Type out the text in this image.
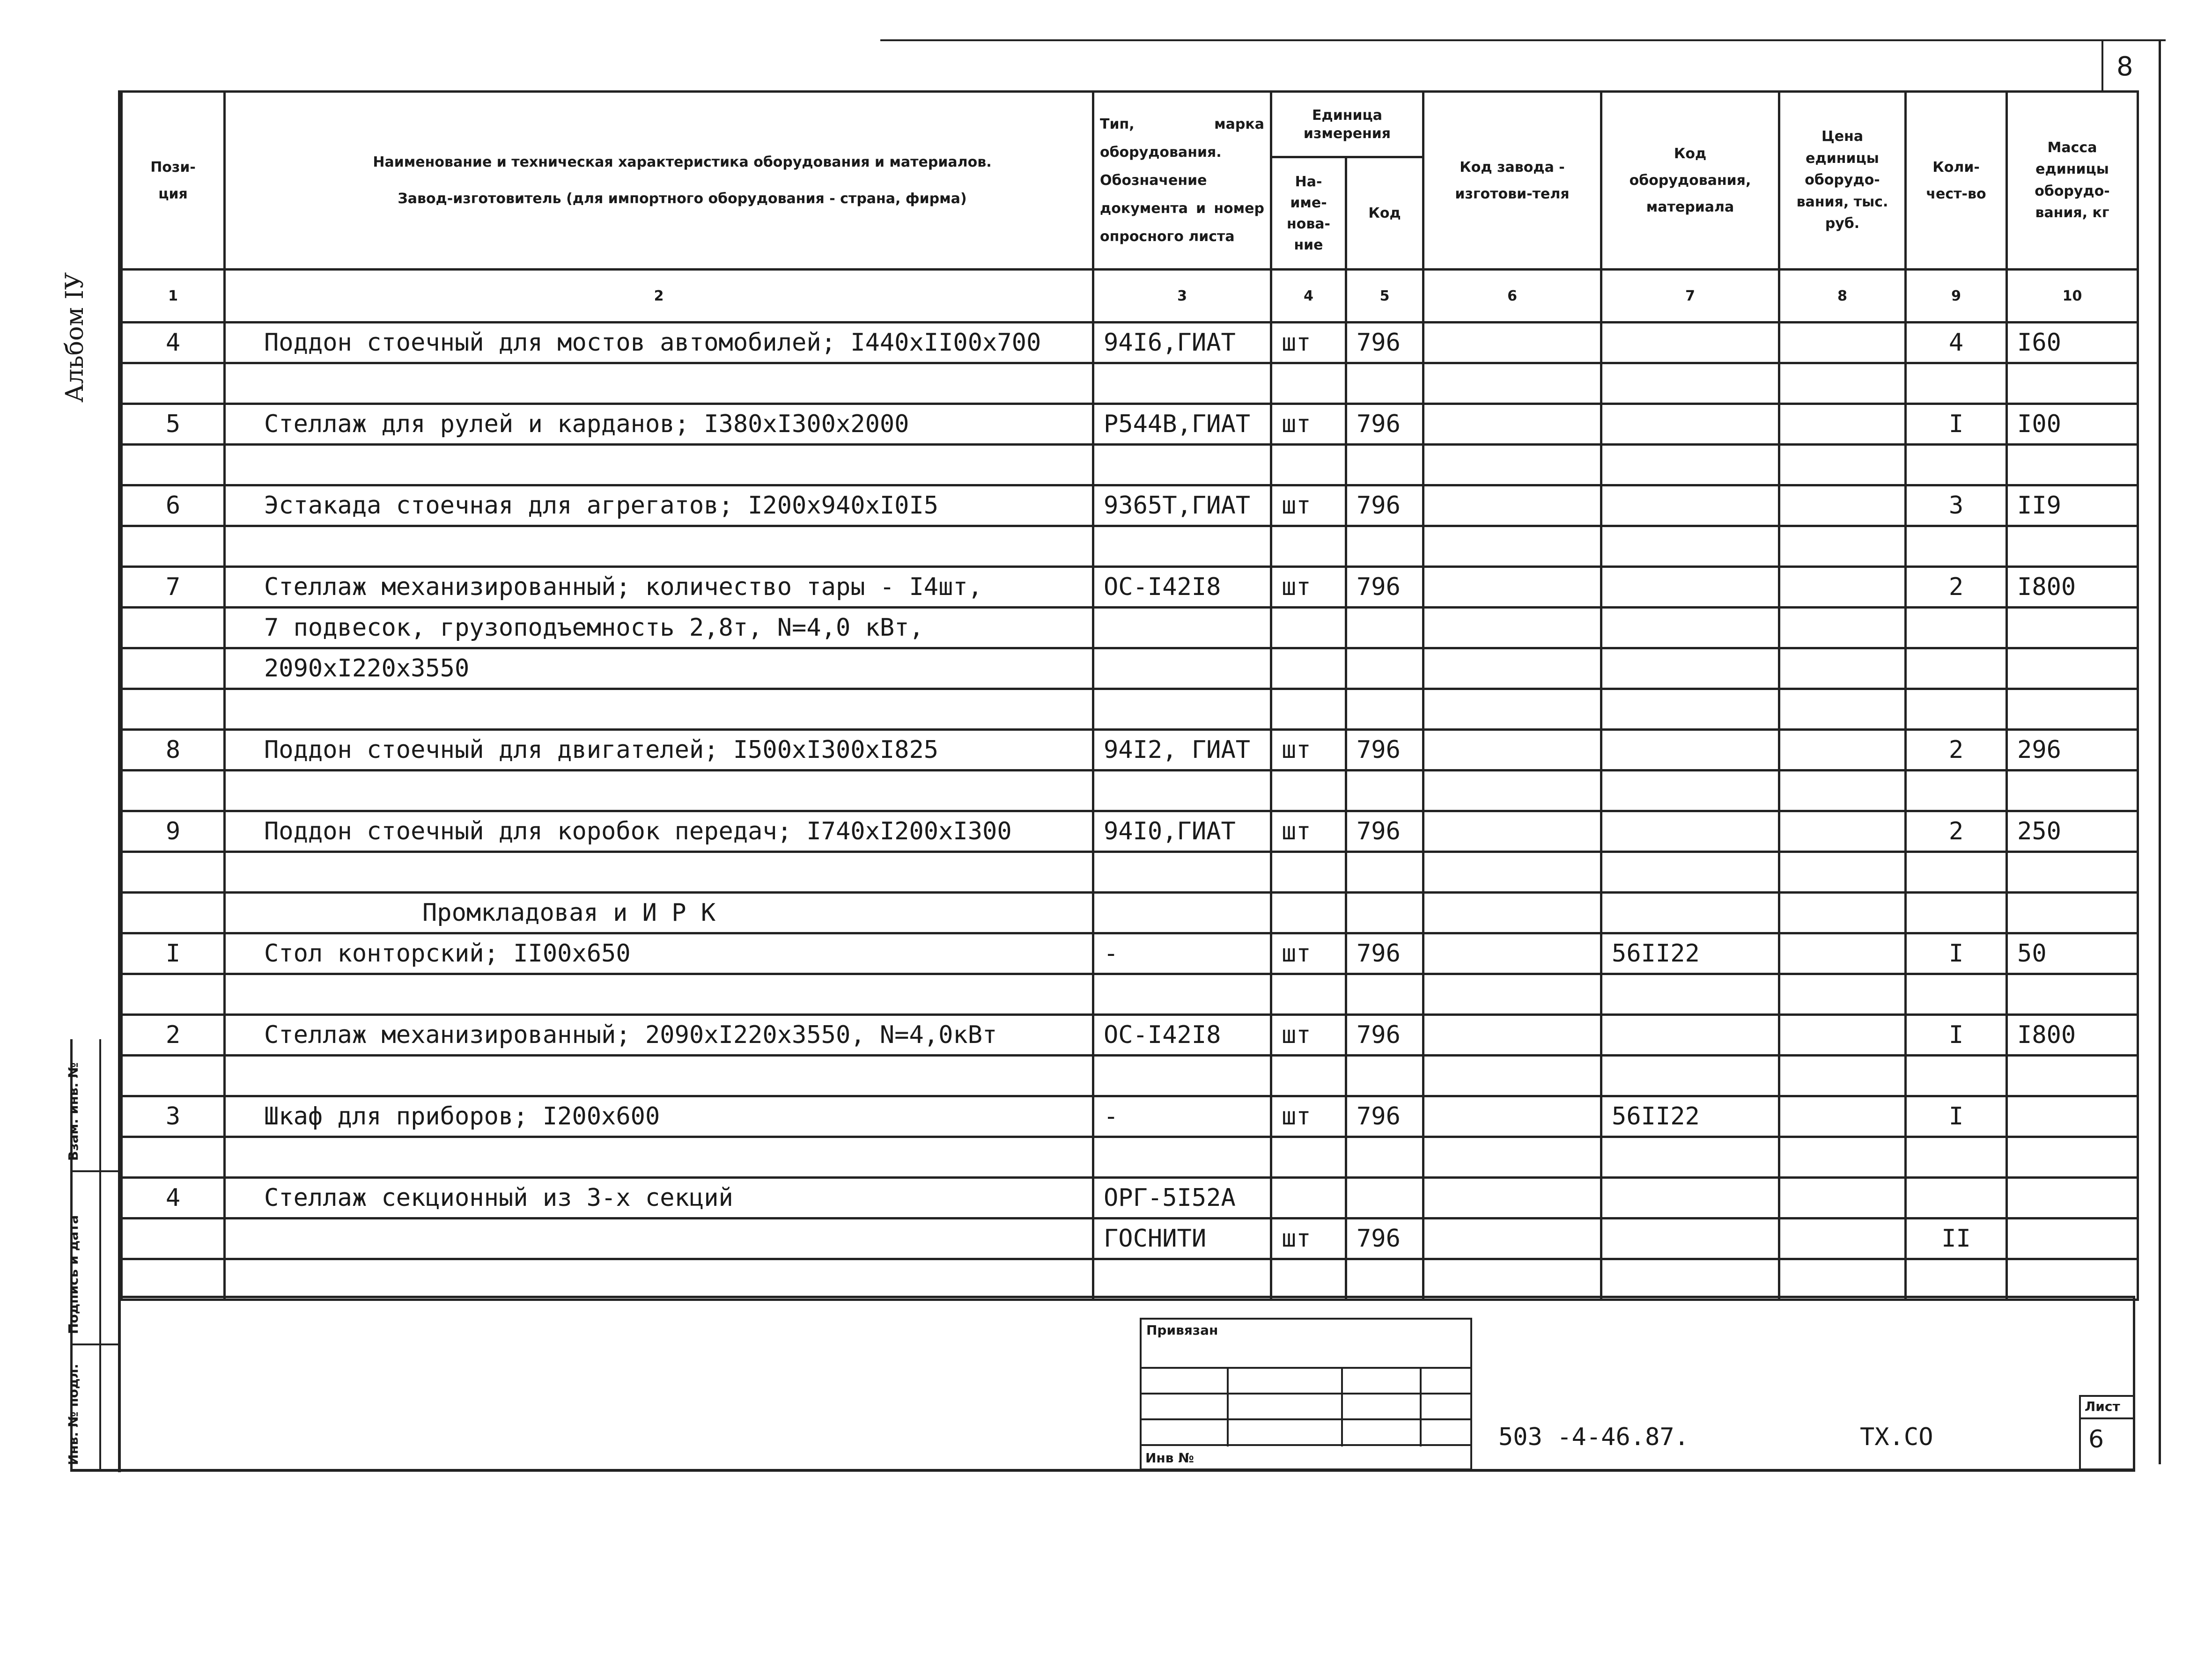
8
Альбом IУ
Взам. инв. №
Подпись и дата
Инв. № подл.
Пози-
ция	Наименование и техническая характеристика оборудования и материалов.
Завод-изготовитель (для импортного оборудования - страна, фирма)	Тип, марка оборудования. Обозначение документа и номер опросного листа	Единица измерения		Код завода - изготови-теля	Код оборудования, материала	Цена единицы оборудо-вания, тыс. руб.	Коли-чест-во	Масса единицы оборудо-вания, кг
			На-име-нова-ние	Код					
1	2	3	4	5	6	7	8	9	10
4	Поддон стоечный для мостов автомобилей; I440xII00x700	94I6,ГИАТ	шт	796				4	I60

5	Стеллаж для рулей и карданов; I380xI300x2000	Р544В,ГИАТ	шт	796				I	I00

6	Эстакада стоечная для агрегатов; I200x940xI0I5	9365Т,ГИАТ	шт	796				3	II9

7	Стеллаж механизированный; количество тары - I4шт,	ОС-I42I8	шт	796				2	I800
	7 подвесок, грузоподъемность 2,8т, N=4,0 кВт,								
	2090xI220x3550								

8	Поддон стоечный для двигателей; I500xI300xI825	94I2, ГИАТ	шт	796				2	296

9	Поддон стоечный для коробок передач; I740xI200xI300	94I0,ГИАТ	шт	796				2	250

	Промкладовая и И Р К								
I	Стол конторский; II00x650	-	шт	796		56II22		I	50

2	Стеллаж механизированный; 2090xI220x3550, N=4,0кВт	ОС-I42I8	шт	796				I	I800

3	Шкаф для приборов; I200x600	-	шт	796		56II22		I	

4	Стеллаж секционный из 3-х секций	ОРГ-5I52А							
		ГОСНИТИ	шт	796				II	

Привязан
Инв №
503 -4-46.87.	ТХ.СО
Лист
6
